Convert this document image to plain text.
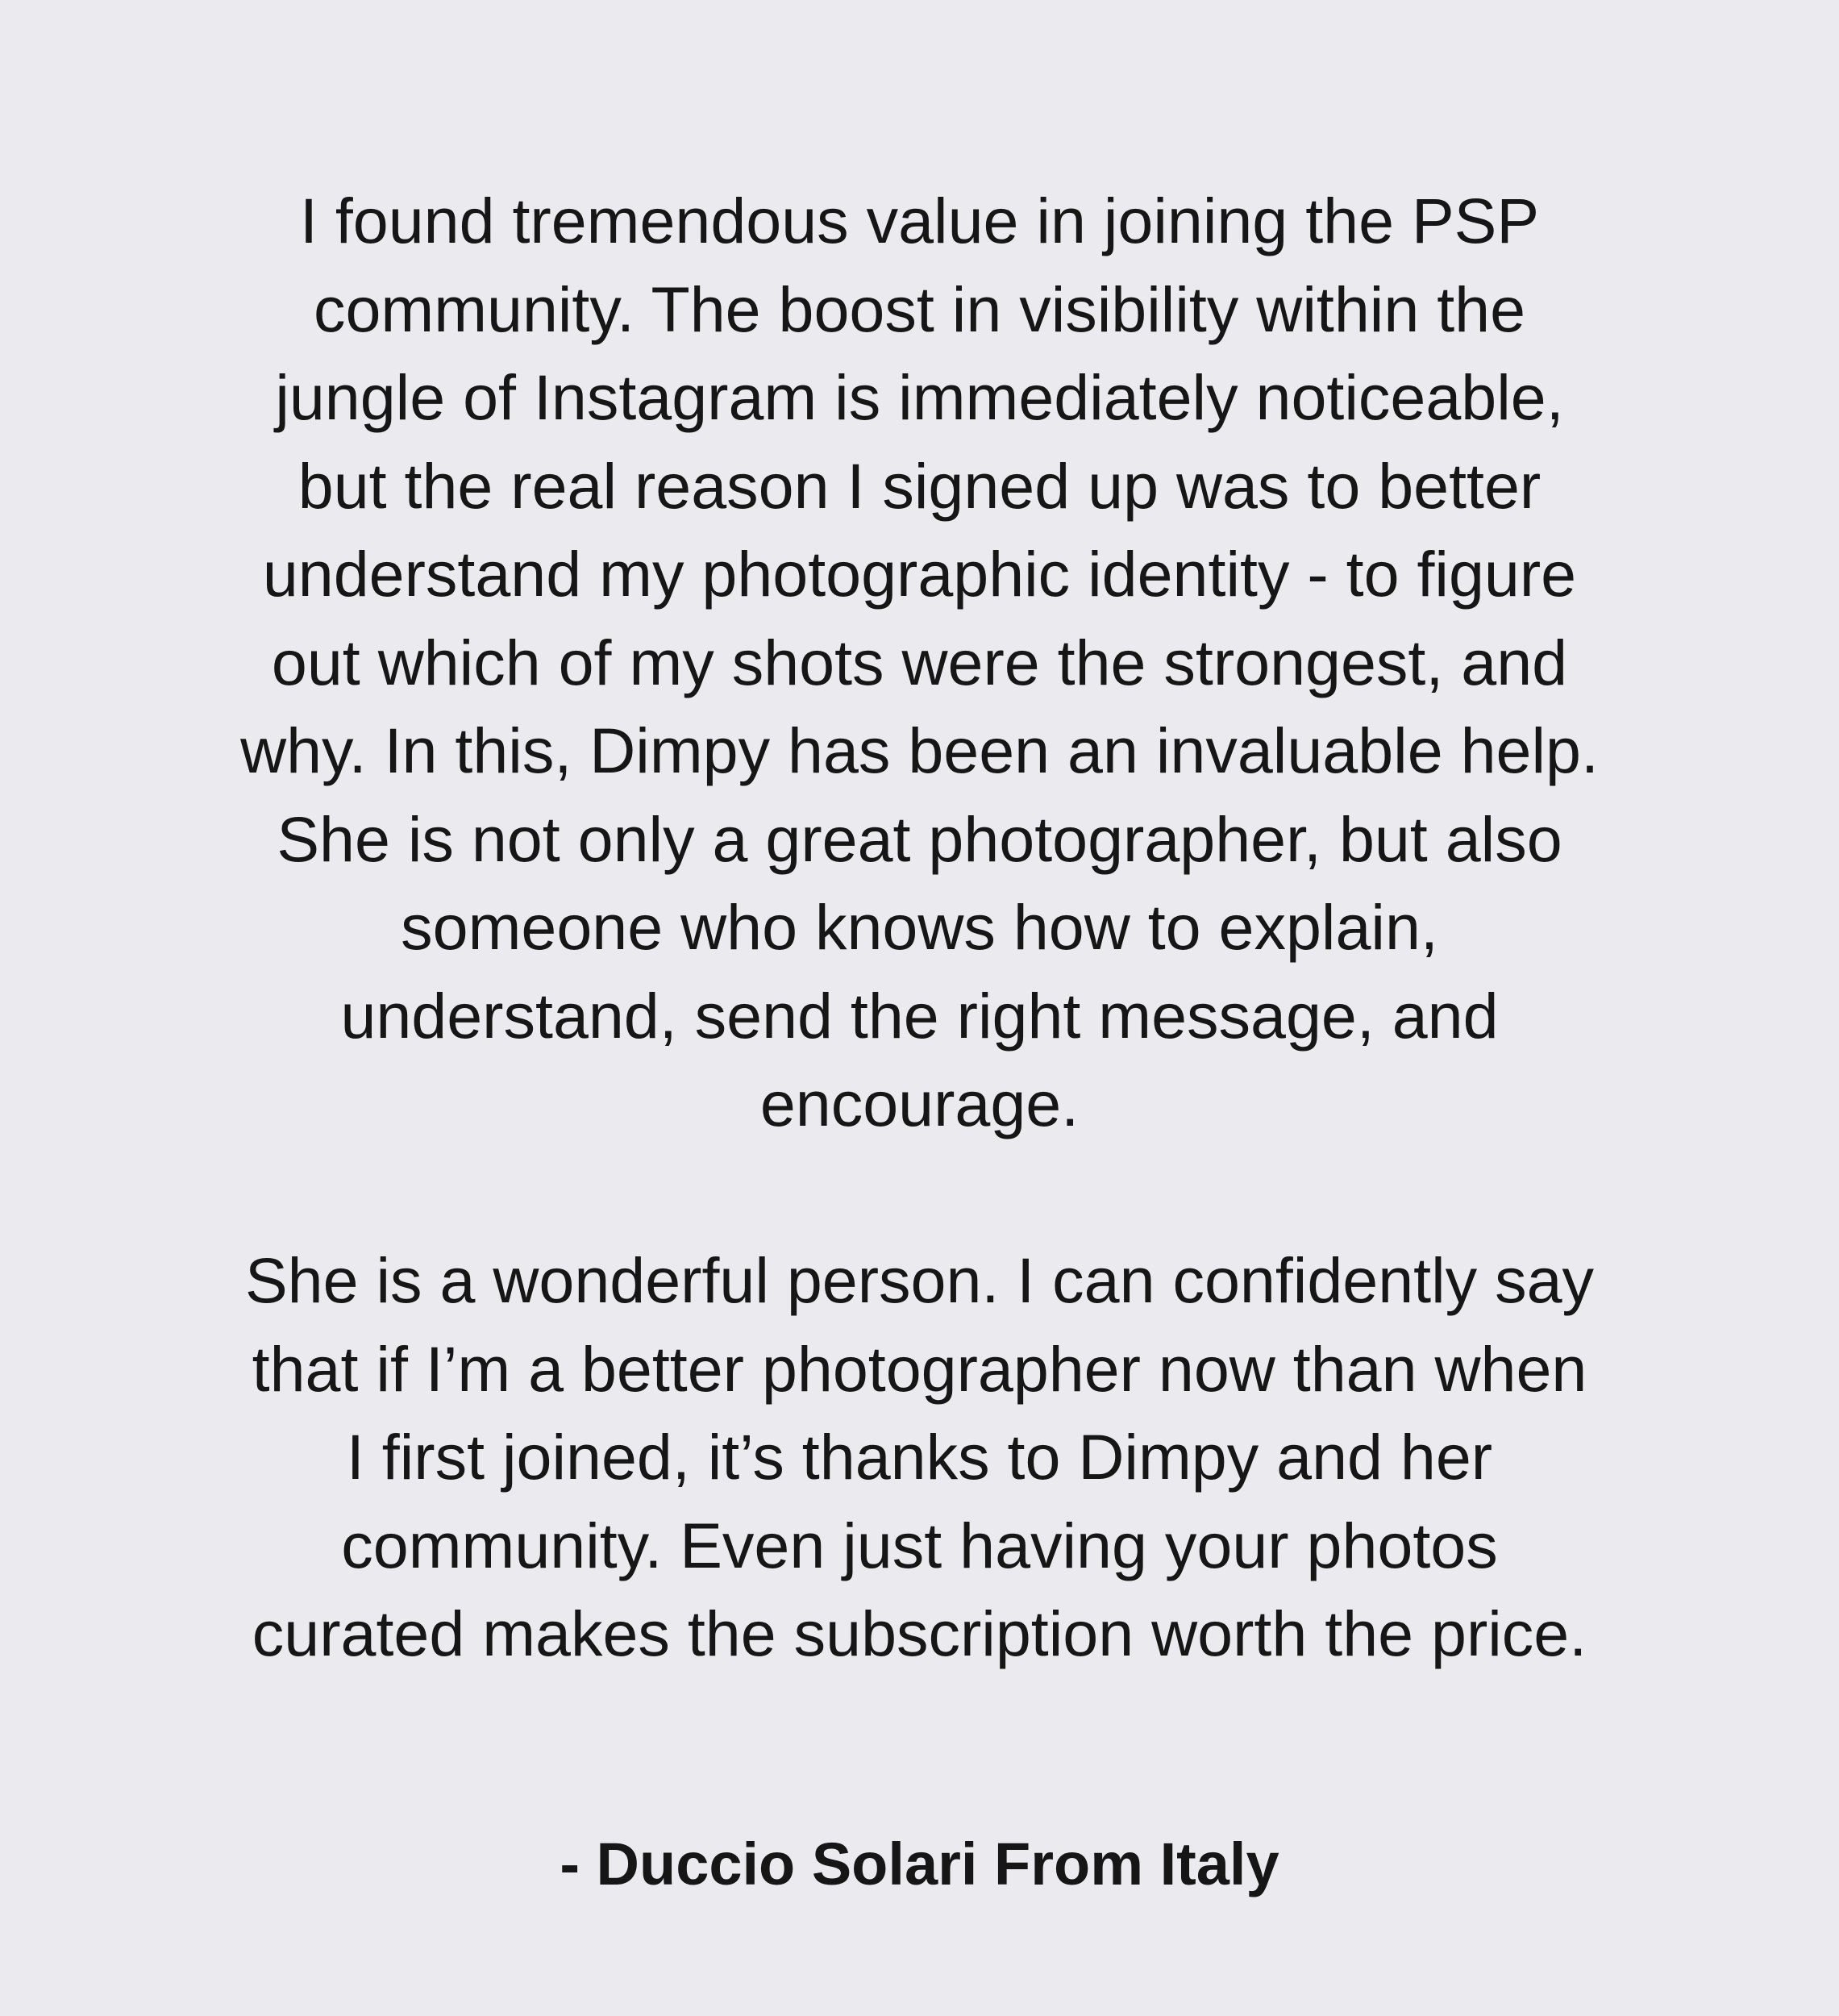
I found tremendous value in joining the PSP
community. The boost in visibility within the
jungle of Instagram is immediately noticeable,
but the real reason I signed up was to better
understand my photographic identity - to figure
out which of my shots were the strongest, and
why. In this, Dimpy has been an invaluable help.
She is not only a great photographer, but also
someone who knows how to explain,
understand, send the right message, and
encourage.
She is a wonderful person. I can confidently say
that if I’m a better photographer now than when
I first joined, it’s thanks to Dimpy and her
community. Even just having your photos
curated makes the subscription worth the price.
- Duccio Solari From Italy
